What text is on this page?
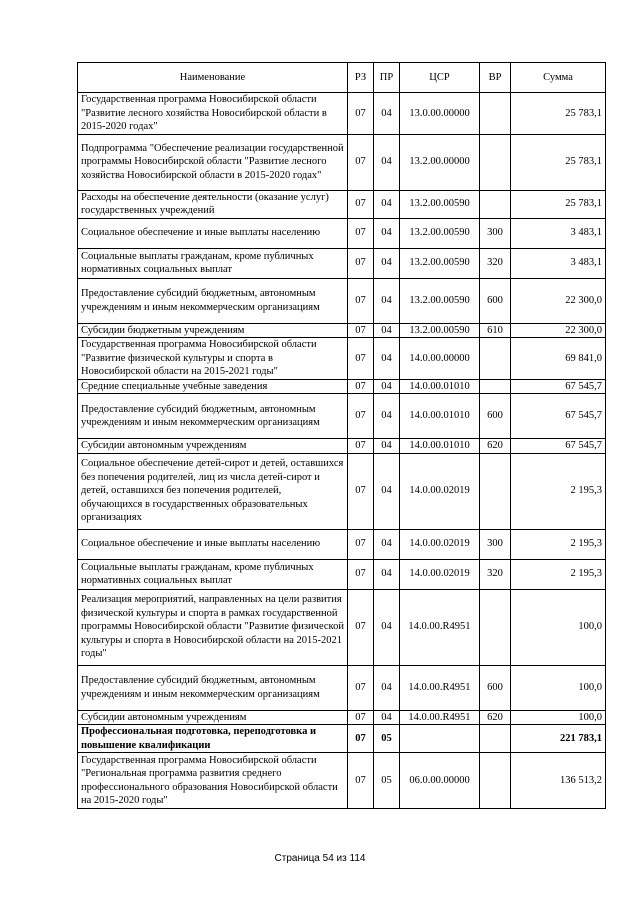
Наименование	РЗ	ПР	ЦСР	ВР	Сумма
Государственная программа Новосибирской области "Развитие лесного хозяйства Новосибирской области в 2015-2020 годах"	07	04	13.0.00.00000		25 783,1
Подпрограмма "Обеспечение реализации государственной программы Новосибирской области "Развитие лесного хозяйства Новосибирской области в 2015-2020 годах"	07	04	13.2.00.00000		25 783,1
Расходы на обеспечение деятельности (оказание услуг) государственных учреждений	07	04	13.2.00.00590		25 783,1
Социальное обеспечение и иные выплаты населению	07	04	13.2.00.00590	300	3 483,1
Социальные выплаты гражданам, кроме публичных нормативных социальных выплат	07	04	13.2.00.00590	320	3 483,1
Предоставление субсидий бюджетным, автономным учреждениям и иным некоммерческим организациям	07	04	13.2.00.00590	600	22 300,0
Субсидии бюджетным учреждениям	07	04	13.2.00.00590	610	22 300,0
Государственная программа Новосибирской области "Развитие физической культуры и спорта в Новосибирской области на 2015-2021 годы"	07	04	14.0.00.00000		69 841,0
Средние специальные учебные заведения	07	04	14.0.00.01010		67 545,7
Предоставление субсидий бюджетным, автономным учреждениям и иным некоммерческим организациям	07	04	14.0.00.01010	600	67 545,7
Субсидии автономным учреждениям	07	04	14.0.00.01010	620	67 545,7
Социальное обеспечение детей-сирот и детей, оставшихся без попечения родителей, лиц из числа детей-сирот и детей, оставшихся без попечения родителей, обучающихся в государственных образовательных организациях	07	04	14.0.00.02019		2 195,3
Социальное обеспечение и иные выплаты населению	07	04	14.0.00.02019	300	2 195,3
Социальные выплаты гражданам, кроме публичных нормативных социальных выплат	07	04	14.0.00.02019	320	2 195,3
Реализация мероприятий, направленных на цели развития физической культуры и спорта в рамках государственной программы Новосибирской области "Развитие физической культуры и спорта в Новосибирской области на 2015-2021 годы"	07	04	14.0.00.R4951		100,0
Предоставление субсидий бюджетным, автономным учреждениям и иным некоммерческим организациям	07	04	14.0.00.R4951	600	100,0
Субсидии автономным учреждениям	07	04	14.0.00.R4951	620	100,0
Профессиональная подготовка, переподготовка и повышение квалификации	07	05			221 783,1
Государственная программа Новосибирской области "Региональная программа развития среднего профессионального образования Новосибирской области на 2015-2020 годы"	07	05	06.0.00.00000		136 513,2
Страница 54 из 114
